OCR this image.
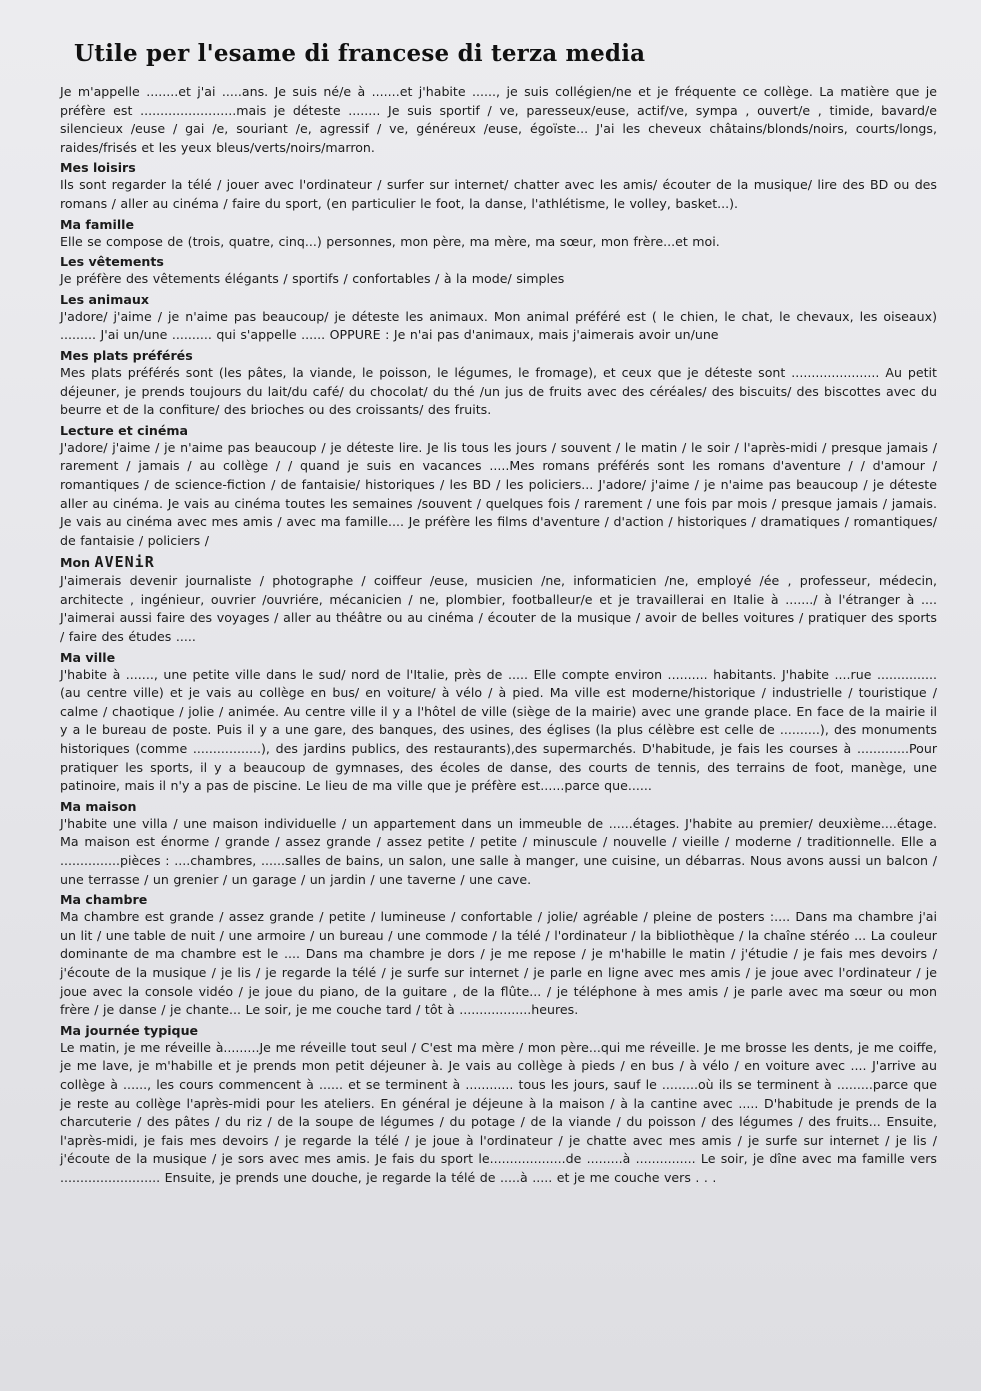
Utile per l'esame di francese di terza media

Je m'appelle ........et j'ai .....ans. Je suis né/e à .......et j'habite ......, je suis collégien/ne et je fréquente ce collège. La matière que je préfère est ........................mais je déteste ........ Je suis sportif / ve, paresseux/euse, actif/ve, sympa , ouvert/e , timide, bavard/e silencieux /euse / gai /e, souriant /e, agressif / ve, généreux /euse, égoïste... J'ai les cheveux châtains/blonds/noirs, courts/longs, raides/frisés et les yeux bleus/verts/noirs/marron.

Mes loisirs

Ils sont regarder la télé / jouer avec l'ordinateur / surfer sur internet/ chatter avec les amis/ écouter de la musique/ lire des BD ou des romans / aller au cinéma / faire du sport, (en particulier le foot, la danse, l'athlétisme, le volley, basket...).

Ma famille

Elle se compose de (trois, quatre, cinq...) personnes, mon père, ma mère, ma sœur, mon frère...et moi.

Les vêtements

Je préfère des vêtements élégants / sportifs / confortables / à la mode/ simples

Les animaux

J'adore/ j'aime / je n'aime pas beaucoup/ je déteste les animaux. Mon animal préféré est ( le chien, le chat, le chevaux, les oiseaux) ......... J'ai un/une .......... qui s'appelle ...... OPPURE : Je n'ai pas d'animaux, mais j'aimerais avoir un/une

Mes plats préférés

Mes plats préférés sont (les pâtes, la viande, le poisson, le légumes, le fromage), et ceux que je déteste sont ...................... Au petit déjeuner, je prends toujours du lait/du café/ du chocolat/ du thé /un jus de fruits avec des céréales/ des biscuits/ des biscottes avec du beurre et de la confiture/ des brioches ou des croissants/ des fruits.

Lecture et cinéma

J'adore/ j'aime / je n'aime pas beaucoup / je déteste lire. Je lis tous les jours / souvent / le matin / le soir / l'après-midi / presque jamais / rarement / jamais / au collège / / quand je suis en vacances .....Mes romans préférés sont les romans d'aventure / / d'amour / romantiques / de science-fiction / de fantaisie/ historiques / les BD / les policiers... J'adore/ j'aime / je n'aime pas beaucoup / je déteste aller au cinéma. Je vais au cinéma toutes les semaines /souvent / quelques fois / rarement / une fois par mois / presque jamais / jamais. Je vais au cinéma avec mes amis / avec ma famille.... Je préfère les films d'aventure / d'action / historiques / dramatiques / romantiques/ de fantaisie / policiers /

Mon AVENiR

J'aimerais devenir journaliste / photographe / coiffeur /euse, musicien /ne, informaticien /ne, employé /ée , professeur, médecin, architecte , ingénieur, ouvrier /ouvriére, mécanicien / ne, plombier, footballeur/e et je travaillerai en Italie à ......./ à l'étranger à .... J'aimerai aussi faire des voyages / aller au théâtre ou au cinéma / écouter de la musique / avoir de belles voitures / pratiquer des sports / faire des études .....

Ma ville

J'habite à ......., une petite ville dans le sud/ nord de l'Italie, près de ..... Elle compte environ .......... habitants. J'habite ....rue ............... (au centre ville) et je vais au collège en bus/ en voiture/ à vélo / à pied. Ma ville est moderne/historique / industrielle / touristique / calme / chaotique / jolie / animée. Au centre ville il y a l'hôtel de ville (siège de la mairie) avec une grande place. En face de la mairie il y a le bureau de poste. Puis il y a une gare, des banques, des usines, des églises (la plus célèbre est celle de ..........), des monuments historiques (comme .................), des jardins publics, des restaurants),des supermarchés. D'habitude, je fais les courses à .............Pour pratiquer les sports, il y a beaucoup de gymnases, des écoles de danse, des courts de tennis, des terrains de foot, manège, une patinoire, mais il n'y a pas de piscine. Le lieu de ma ville que je préfère est......parce que......

Ma maison

J'habite une villa / une maison individuelle / un appartement dans un immeuble de ......étages. J'habite au premier/ deuxième....étage. Ma maison est énorme / grande / assez grande / assez petite / petite / minuscule / nouvelle / vieille / moderne / traditionnelle. Elle a ...............pièces : ....chambres, ......salles de bains, un salon, une salle à manger, une cuisine, un débarras. Nous avons aussi un balcon / une terrasse / un grenier / un garage / un jardin / une taverne / une cave.

Ma chambre

Ma chambre est grande / assez grande / petite / lumineuse / confortable / jolie/ agréable / pleine de posters :.... Dans ma chambre j'ai un lit / une table de nuit / une armoire / un bureau / une commode / la télé / l'ordinateur / la bibliothèque / la chaîne stéréo ... La couleur dominante de ma chambre est le .... Dans ma chambre je dors / je me repose / je m'habille le matin / j'étudie / je fais mes devoirs / j'écoute de la musique / je lis / je regarde la télé / je surfe sur internet / je parle en ligne avec mes amis / je joue avec l'ordinateur / je joue avec la console vidéo / je joue du piano, de la guitare , de la flûte... / je téléphone à mes amis / je parle avec ma sœur ou mon frère / je danse / je chante... Le soir, je me couche tard / tôt à ..................heures.

Ma journée typique

Le matin, je me réveille à.........Je me réveille tout seul / C'est ma mère / mon père...qui me réveille. Je me brosse les dents, je me coiffe, je me lave, je m'habille et je prends mon petit déjeuner à. Je vais au collège à pieds / en bus / à vélo / en voiture avec .... J'arrive au collège à ......, les cours commencent à ...... et se terminent à ............ tous les jours, sauf le .........où ils se terminent à .........parce que je reste au collège l'après-midi pour les ateliers. En général je déjeune à la maison / à la cantine avec ..... D'habitude je prends de la charcuterie / des pâtes / du riz / de la soupe de légumes / du potage / de la viande / du poisson / des légumes / des fruits... Ensuite, l'après-midi, je fais mes devoirs / je regarde la télé / je joue à l'ordinateur / je chatte avec mes amis / je surfe sur internet / je lis / j'écoute de la musique / je sors avec mes amis. Je fais du sport le...................de .........à ............... Le soir, je dîne avec ma famille vers ......................... Ensuite, je prends une douche, je regarde la télé de .....à ..... et je me couche vers . . .
